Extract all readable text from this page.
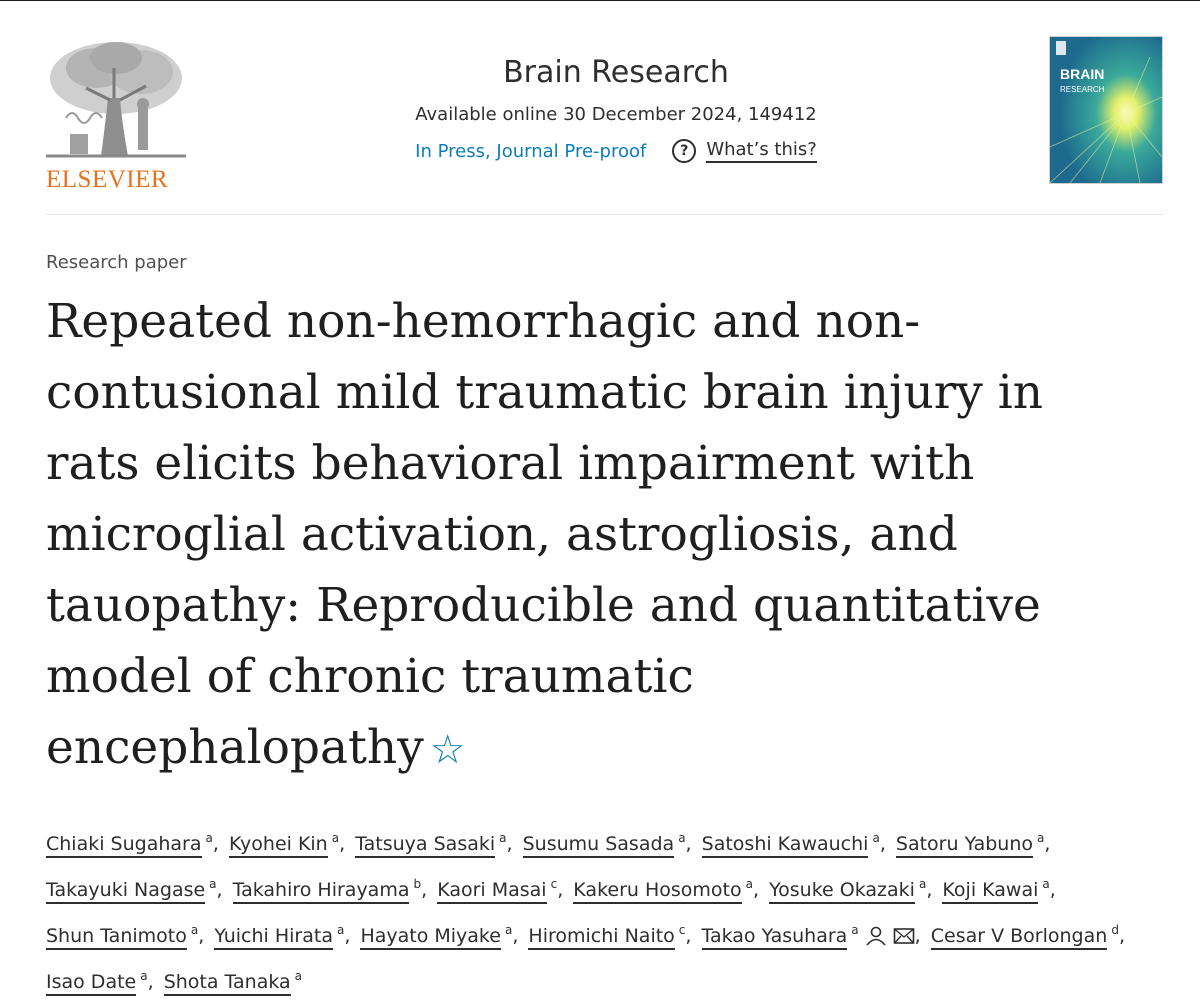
ELSEVIER
Brain Research
Available online 30 December 2024, 149412
In Press, Journal Pre-proof	? What’s this?
BRAIN
RESEARCH
Research paper
Repeated non-hemorrhagic and non-
contusional mild traumatic brain injury in
rats elicits behavioral impairment with
microglial activation, astrogliosis, and
tauopathy: Reproducible and quantitative
model of chronic traumatic
encephalopathy ☆
Chiaki Sugahara $^a$, Kyohei Kin $^a$, Tatsuya Sasaki $^a$, Susumu Sasada $^a$, Satoshi Kawauchi $^a$, Satoru Yabuno $^a$, Takayuki Nagase $^a$, Takahiro Hirayama $^b$, Kaori Masai $^c$, Kakeru Hosomoto $^a$, Yosuke Okazaki $^a$, Koji Kawai $^a$, Shun Tanimoto $^a$, Yuichi Hirata $^a$, Hayato Miyake $^a$, Hiromichi Naito $^c$, Takao Yasuhara $^a$	, Cesar V Borlongan $^d$, Isao Date $^a$, Shota Tanaka $^a$
